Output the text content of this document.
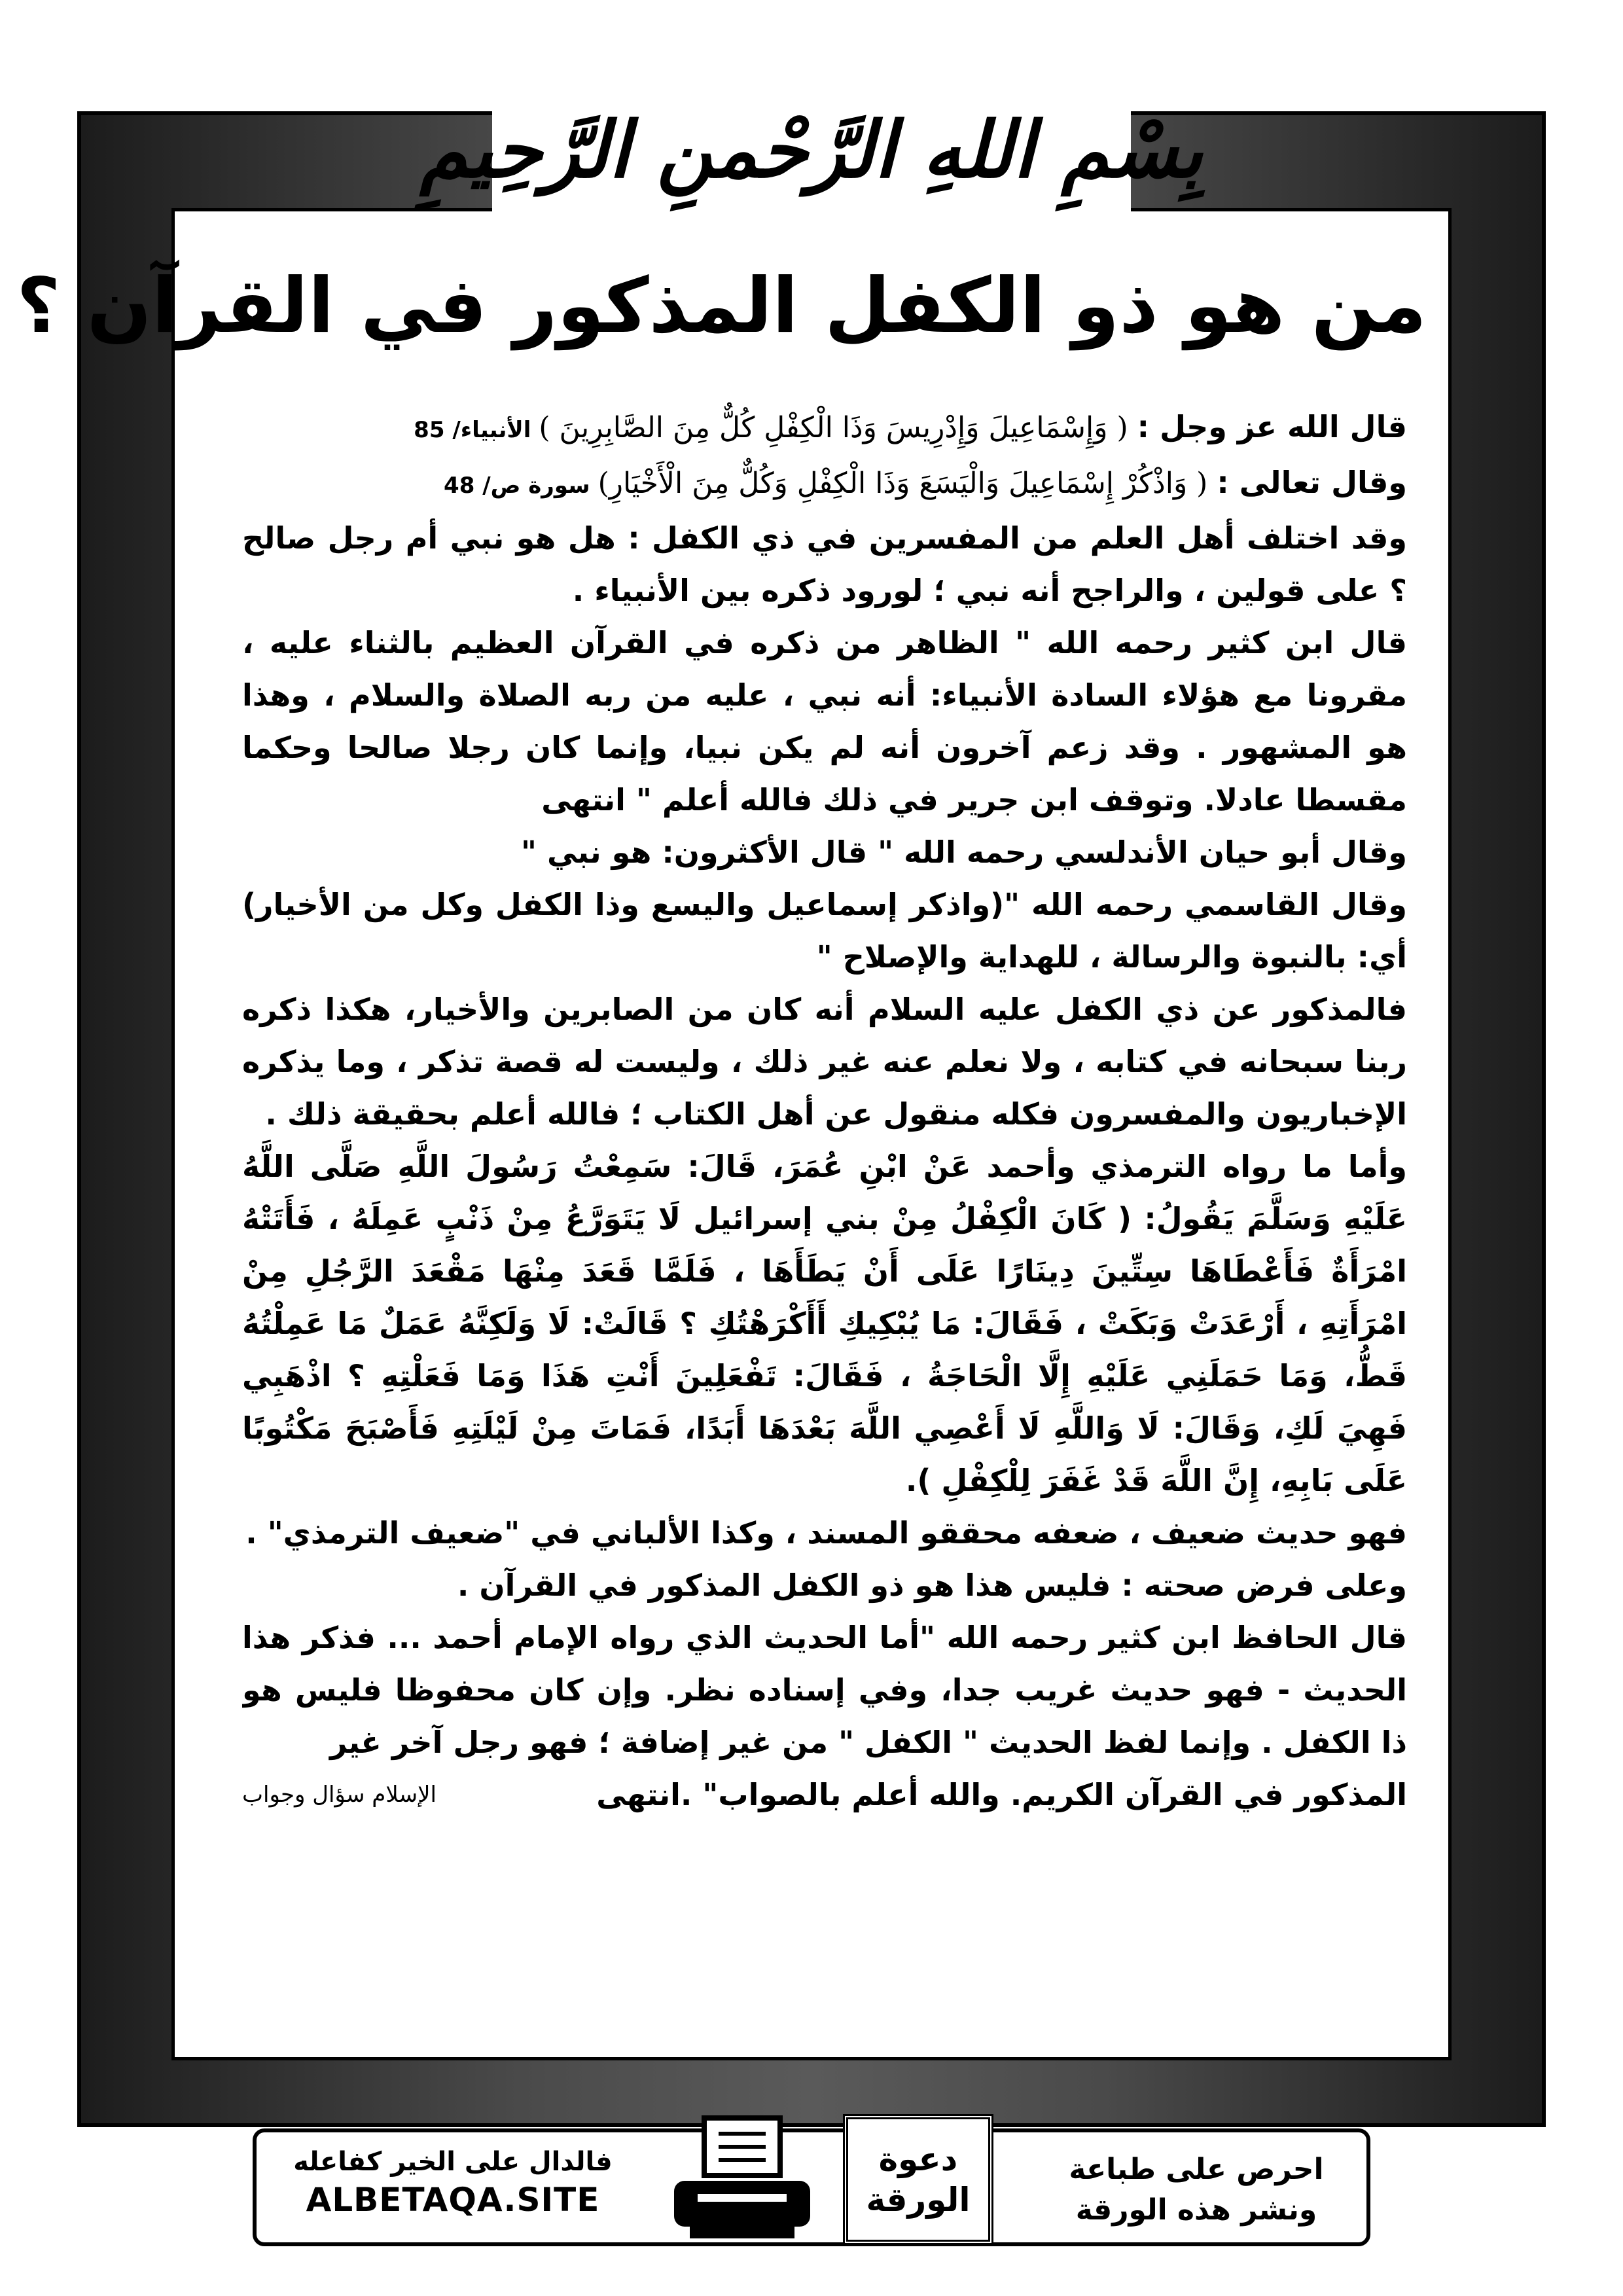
بِسْمِ اللهِ الرَّحْمنِ الرَّحِيمِ
من هو ذو الكفل المذكور في القرآن ؟
قال الله عز وجل :
( وَإِسْمَاعِيلَ وَإِدْرِيسَ وَذَا الْكِفْلِ كُلٌّ مِنَ الصَّابِرِينَ )
الأنبياء/ 85
وقال تعالى :
( وَاذْكُرْ إِسْمَاعِيلَ وَالْيَسَعَ وَذَا الْكِفْلِ وَكُلٌّ مِنَ الْأَخْيَارِ)
سورة ص/ 48

وقد اختلف أهل العلم من المفسرين في ذي الكفل : هل هو نبي أم رجل صالح ؟ على قولين ، والراجح أنه نبي ؛ لورود ذكره بين الأنبياء .

قال ابن كثير رحمه الله " الظاهر من ذكره في القرآن العظيم بالثناء عليه ، مقرونا مع هؤلاء السادة الأنبياء: أنه نبي ، عليه من ربه الصلاة والسلام ، وهذا هو المشهور . وقد زعم آخرون أنه لم يكن نبيا، وإنما كان رجلا صالحا وحكما مقسطا عادلا. وتوقف ابن جرير في ذلك فالله أعلم " انتهى

وقال أبو حيان الأندلسي رحمه الله " قال الأكثرون: هو نبي "

وقال القاسمي رحمه الله "(واذكر إسماعيل واليسع وذا الكفل وكل من الأخيار) أي: بالنبوة والرسالة ، للهداية والإصلاح "

فالمذكور عن ذي الكفل عليه السلام أنه كان من الصابرين والأخيار، هكذا ذكره ربنا سبحانه في كتابه ، ولا نعلم عنه غير ذلك ، وليست له قصة تذكر ، وما يذكره الإخباريون والمفسرون فكله منقول عن أهل الكتاب ؛ فالله أعلم بحقيقة ذلك .

وأما ما رواه الترمذي وأحمد عَنْ ابْنِ عُمَرَ، قَالَ: سَمِعْتُ رَسُولَ اللَّهِ صَلَّى اللَّهُ عَلَيْهِ وَسَلَّمَ يَقُولُ: ( كَانَ الْكِفْلُ مِنْ بني إسرائيل لَا يَتَوَرَّعُ مِنْ ذَنْبٍ عَمِلَهُ ، فَأَتَتْهُ امْرَأَةٌ فَأَعْطَاهَا سِتِّينَ دِينَارًا عَلَى أَنْ يَطَأَهَا ، فَلَمَّا قَعَدَ مِنْهَا مَقْعَدَ الرَّجُلِ مِنْ امْرَأَتِهِ ، أَرْعَدَتْ وَبَكَتْ ، فَقَالَ: مَا يُبْكِيكِ أَأَكْرَهْتُكِ ؟ قَالَتْ: لَا وَلَكِنَّهُ عَمَلٌ مَا عَمِلْتُهُ قَطُّ، وَمَا حَمَلَنِي عَلَيْهِ إِلَّا الْحَاجَةُ ، فَقَالَ: تَفْعَلِينَ أَنْتِ هَذَا وَمَا فَعَلْتِهِ ؟ اذْهَبِي فَهِيَ لَكِ، وَقَالَ: لَا وَاللَّهِ لَا أَعْصِي اللَّهَ بَعْدَهَا أَبَدًا، فَمَاتَ مِنْ لَيْلَتِهِ فَأَصْبَحَ مَكْتُوبًا عَلَى بَابِهِ، إِنَّ اللَّهَ قَدْ غَفَرَ لِلْكِفْلِ ).

فهو حديث ضعيف ، ضعفه محققو المسند ، وكذا الألباني في "ضعيف الترمذي" .

وعلى فرض صحته : فليس هذا هو ذو الكفل المذكور في القرآن .

قال الحافظ ابن كثير رحمه الله "أما الحديث الذي رواه الإمام أحمد ... فذكر هذا الحديث - فهو حديث غريب جدا، وفي إسناده نظر. وإن كان محفوظا فليس هو ذا الكفل . وإنما لفظ الحديث " الكفل " من غير إضافة ؛ فهو رجل آخر غير

المذكور في القرآن الكريم. والله أعلم بالصواب" .انتهى
الإسلام سؤال وجواب
فالدال على الخير كفاعله
ALBETAQA.SITE
دعوة
الورقة
احرص على طباعة
ونشر هذه الورقة
